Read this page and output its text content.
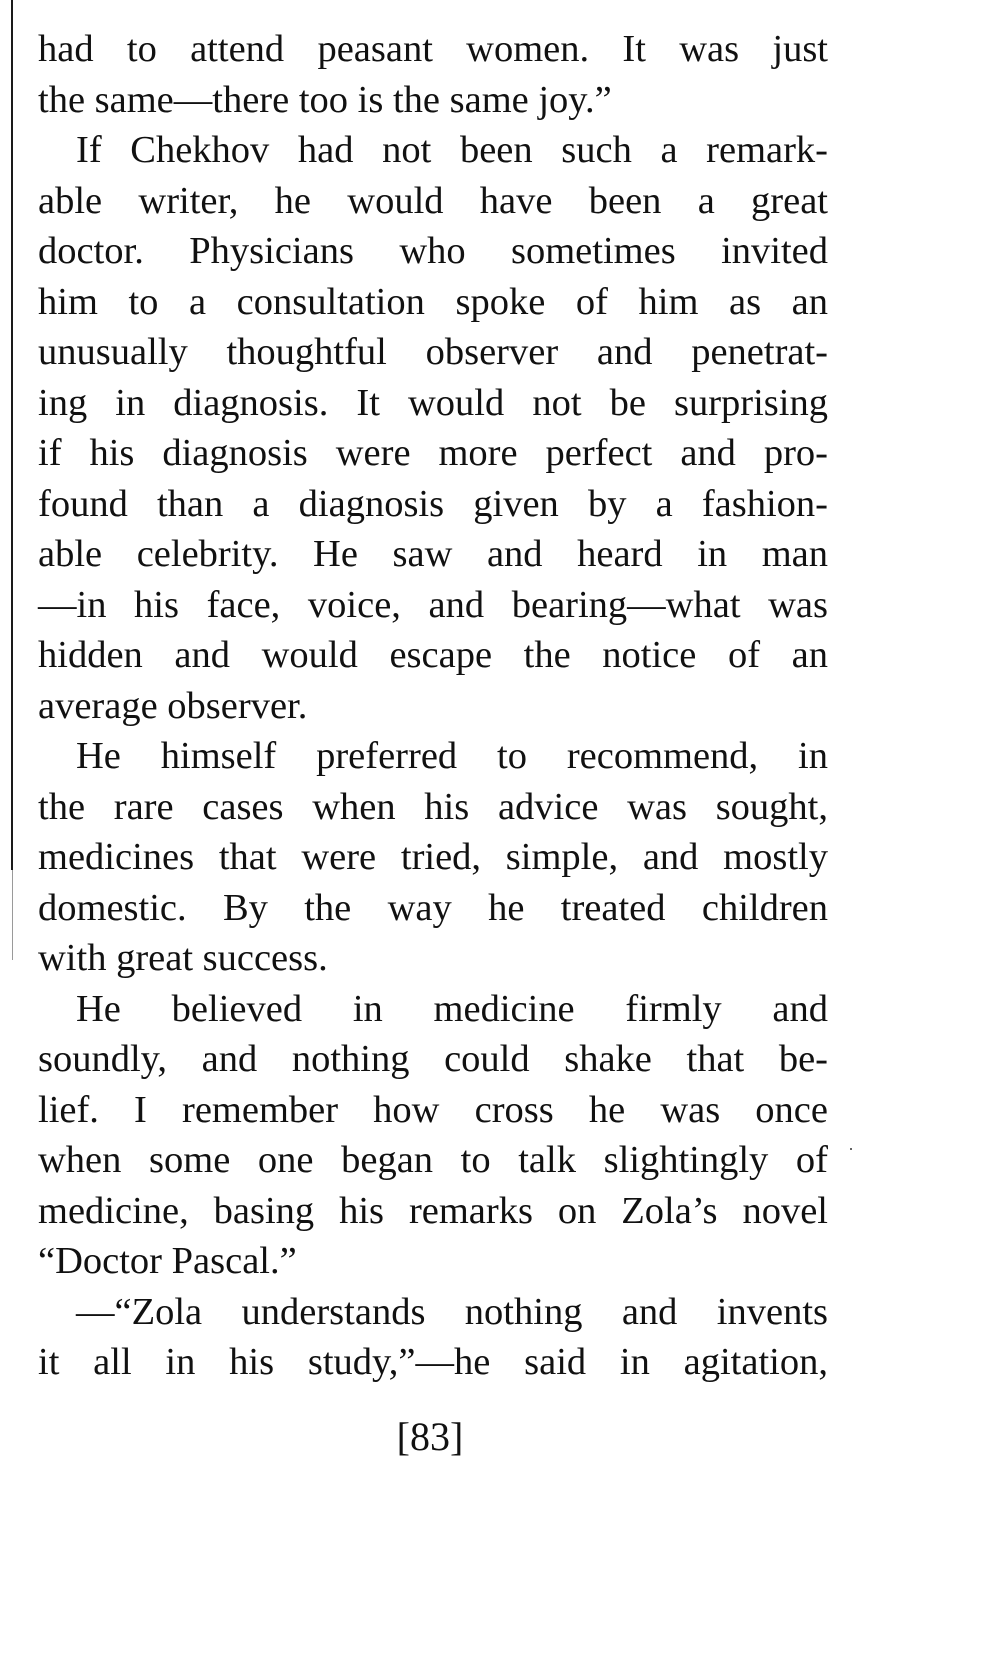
had to attend peasant women. It was just
the same—there too is the same joy.”
If Chekhov had not been such a remark-
able writer, he would have been a great
doctor. Physicians who sometimes invited
him to a consultation spoke of him as an
unusually thoughtful observer and penetrat-
ing in diagnosis. It would not be surprising
if his diagnosis were more perfect and pro-
found than a diagnosis given by a fashion-
able celebrity. He saw and heard in man
—in his face, voice, and bearing—what was
hidden and would escape the notice of an
average observer.
He himself preferred to recommend, in
the rare cases when his advice was sought,
medicines that were tried, simple, and mostly
domestic. By the way he treated children
with great success.
He believed in medicine firmly and
soundly, and nothing could shake that be-
lief. I remember how cross he was once
when some one began to talk slightingly of
medicine, basing his remarks on Zola’s novel
“Doctor Pascal.”
—“Zola understands nothing and invents
it all in his study,”—he said in agitation,
[83]
